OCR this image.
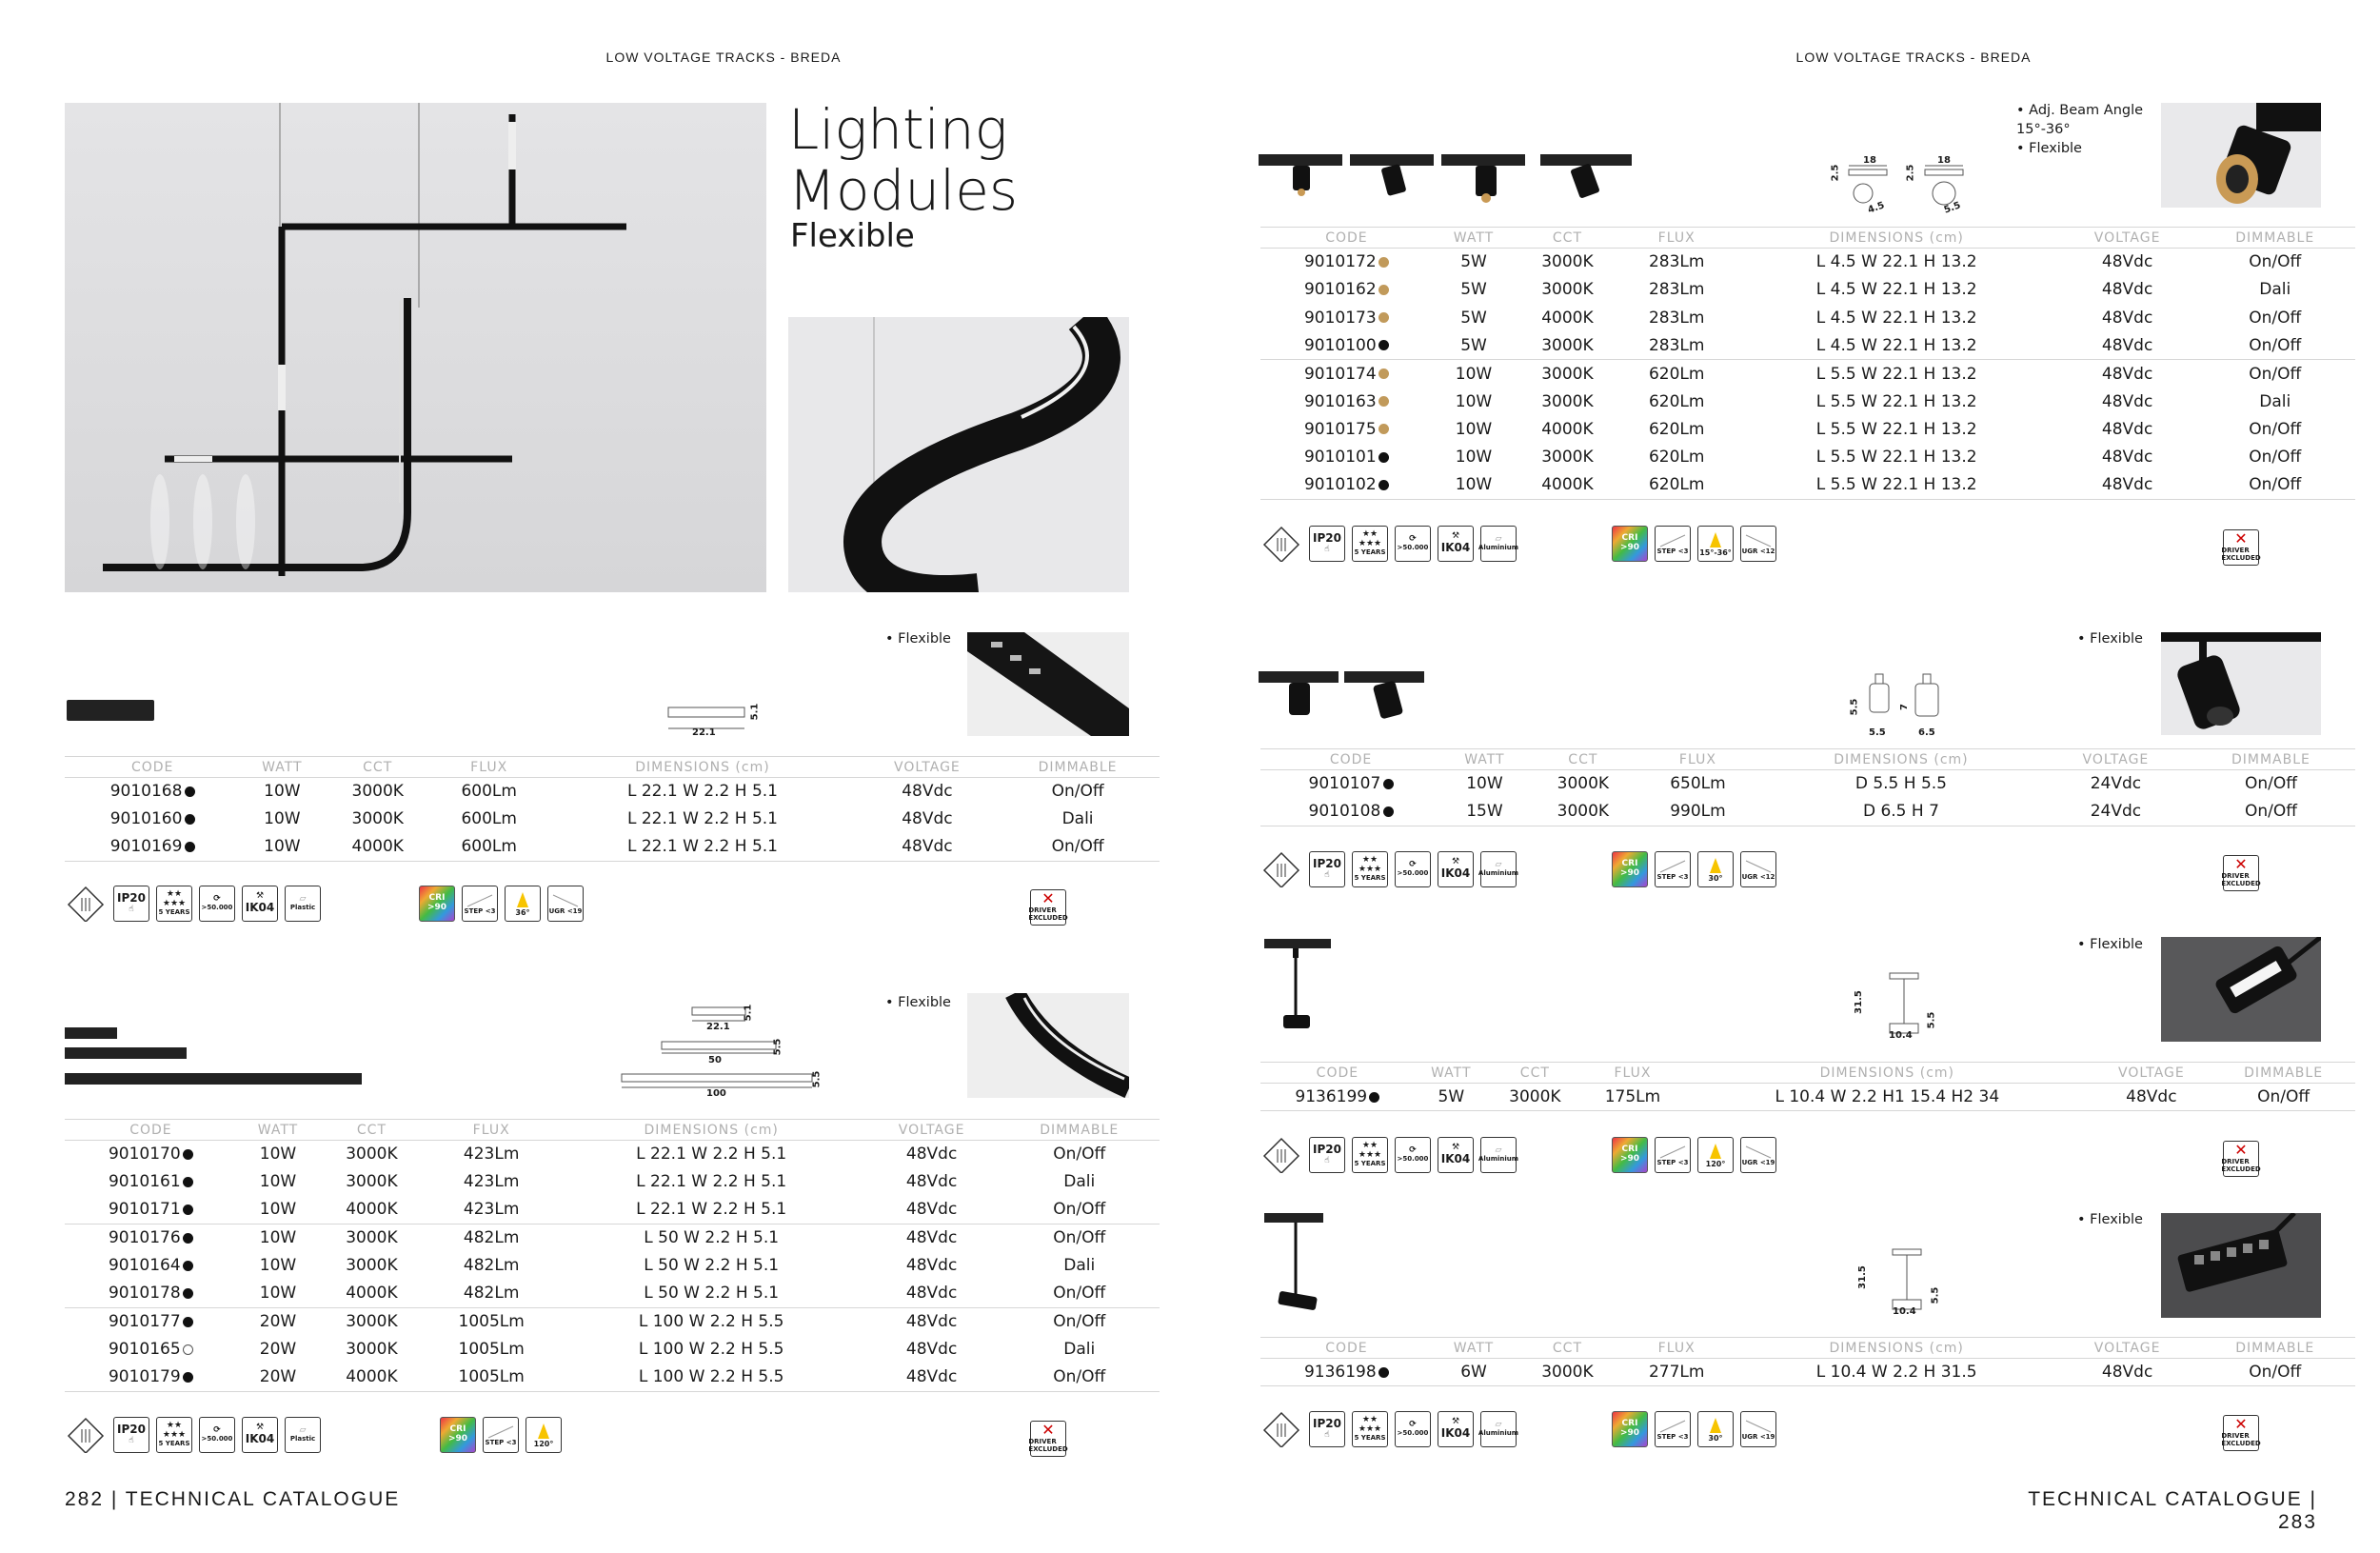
LOW VOLTAGE TRACKS - BREDA
Lighting Modules
Flexible
• Flexible
22.1
5.1
CODE	WATT	CCT	FLUX	DIMENSIONS (cm)	VOLTAGE	DIMMABLE
9010168	10W	3000K	600Lm	L 22.1 W 2.2 H 5.1	48Vdc	On/Off
9010160	10W	3000K	600Lm	L 22.1 W 2.2 H 5.1	48Vdc	Dali
9010169	10W	4000K	600Lm	L 22.1 W 2.2 H 5.1	48Vdc	On/Off
IP20
☝
★★
★★★
5 YEARS
⟳
>50.000
⚒
IK04
▱
Plastic
CRI >90	STEP <3	36°	UGR <19
✕
DRIVER EXCLUDED
• Flexible
22.1
5.1
50
5.5
100
5.5
CODE	WATT	CCT	FLUX	DIMENSIONS (cm)	VOLTAGE	DIMMABLE
9010170	10W	3000K	423Lm	L 22.1 W 2.2 H 5.1	48Vdc	On/Off
9010161	10W	3000K	423Lm	L 22.1 W 2.2 H 5.1	48Vdc	Dali
9010171	10W	4000K	423Lm	L 22.1 W 2.2 H 5.1	48Vdc	On/Off
9010176	10W	3000K	482Lm	L 50 W 2.2 H 5.1	48Vdc	On/Off
9010164	10W	3000K	482Lm	L 50 W 2.2 H 5.1	48Vdc	Dali
9010178	10W	4000K	482Lm	L 50 W 2.2 H 5.1	48Vdc	On/Off
9010177	20W	3000K	1005Lm	L 100 W 2.2 H 5.5	48Vdc	On/Off
9010165	20W	3000K	1005Lm	L 100 W 2.2 H 5.5	48Vdc	Dali
9010179	20W	4000K	1005Lm	L 100 W 2.2 H 5.5	48Vdc	On/Off
IP20
☝
★★
★★★
5 YEARS
⟳
>50.000
⚒
IK04
▱
Plastic
CRI >90	STEP <3 120°
✕
DRIVER EXCLUDED
282 | TECHNICAL CATALOGUE
LOW VOLTAGE TRACKS - BREDA
• Adj. Beam Angle 15°-36°
• Flexible
18
2.5
4.5
18
2.5
5.5
CODE	WATT	CCT	FLUX	DIMENSIONS (cm)	VOLTAGE	DIMMABLE
9010172	5W	3000K	283Lm	L 4.5 W 22.1 H 13.2	48Vdc	On/Off
9010162	5W	3000K	283Lm	L 4.5 W 22.1 H 13.2	48Vdc	Dali
9010173	5W	4000K	283Lm	L 4.5 W 22.1 H 13.2	48Vdc	On/Off
9010100	5W	3000K	283Lm	L 4.5 W 22.1 H 13.2	48Vdc	On/Off
9010174	10W	3000K	620Lm	L 5.5 W 22.1 H 13.2	48Vdc	On/Off
9010163	10W	3000K	620Lm	L 5.5 W 22.1 H 13.2	48Vdc	Dali
9010175	10W	4000K	620Lm	L 5.5 W 22.1 H 13.2	48Vdc	On/Off
9010101	10W	3000K	620Lm	L 5.5 W 22.1 H 13.2	48Vdc	On/Off
9010102	10W	4000K	620Lm	L 5.5 W 22.1 H 13.2	48Vdc	On/Off
IP20
☝
★★
★★★
5 YEARS
⟳
>50.000
⚒
IK04
▱
Aluminium
CRI >90	STEP <3 15°-36° UGR <12
✕
DRIVER EXCLUDED
• Flexible
5.5
5.5
7
6.5
CODE	WATT	CCT	FLUX	DIMENSIONS (cm)	VOLTAGE	DIMMABLE
9010107	10W	3000K	650Lm	D 5.5 H 5.5	24Vdc	On/Off
9010108	15W	3000K	990Lm	D 6.5 H 7	24Vdc	On/Off
IP20
☝
★★
★★★
5 YEARS
⟳
>50.000
⚒
IK04
▱
Aluminium
CRI >90	STEP <3	30°	UGR <12
✕
DRIVER EXCLUDED
• Flexible
31.5
5.5
10.4
CODE	WATT	CCT	FLUX	DIMENSIONS (cm)	VOLTAGE	DIMMABLE
9136199	5W	3000K	175Lm	L 10.4 W 2.2 H1 15.4 H2 34	48Vdc	On/Off
IP20
☝
★★
★★★
5 YEARS
⟳
>50.000
⚒
IK04
▱
Aluminium
CRI >90	STEP <3 120° UGR <19
✕
DRIVER EXCLUDED
• Flexible
31.5
5.5
10.4
CODE	WATT	CCT	FLUX	DIMENSIONS (cm)	VOLTAGE	DIMMABLE
9136198	6W	3000K	277Lm	L 10.4 W 2.2 H 31.5	48Vdc	On/Off
IP20
☝
★★
★★★
5 YEARS
⟳
>50.000
⚒
IK04
▱
Aluminium
CRI >90	STEP <3	30°	UGR <19
✕
DRIVER EXCLUDED
TECHNICAL CATALOGUE | 283
